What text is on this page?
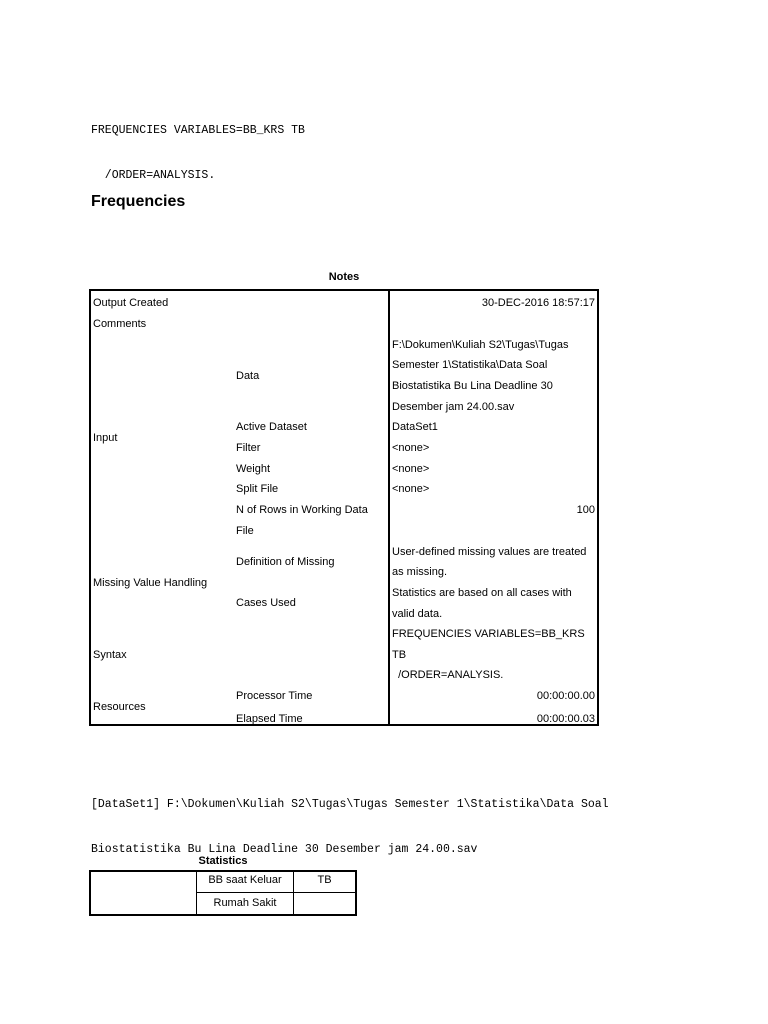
FREQUENCIES VARIABLES=BB_KRS TB

/ORDER=ANALYSIS.

Frequencies
Notes
Output Created
Comments
Input
Missing Value Handling
Syntax
Resources
Data
Active Dataset
Filter
Weight
Split File
N of Rows in Working Data
File
Definition of Missing
Cases Used
Processor Time
Elapsed Time
30-DEC-2016 18:57:17
F:\Dokumen\Kuliah S2\Tugas\Tugas
Semester 1\Statistika\Data Soal
Biostatistika Bu Lina Deadline 30
Desember jam 24.00.sav
DataSet1
<none>
<none>
<none>
100
User-defined missing values are treated
as missing.
Statistics are based on all cases with
valid data.
FREQUENCIES VARIABLES=BB_KRS
TB
/ORDER=ANALYSIS.
00:00:00.00
00:00:00.03

[DataSet1] F:\Dokumen\Kuliah S2\Tugas\Tugas Semester 1\Statistika\Data Soal

Biostatistika Bu Lina Deadline 30 Desember jam 24.00.sav

Statistics
BB saat Keluar
Rumah Sakit
TB
